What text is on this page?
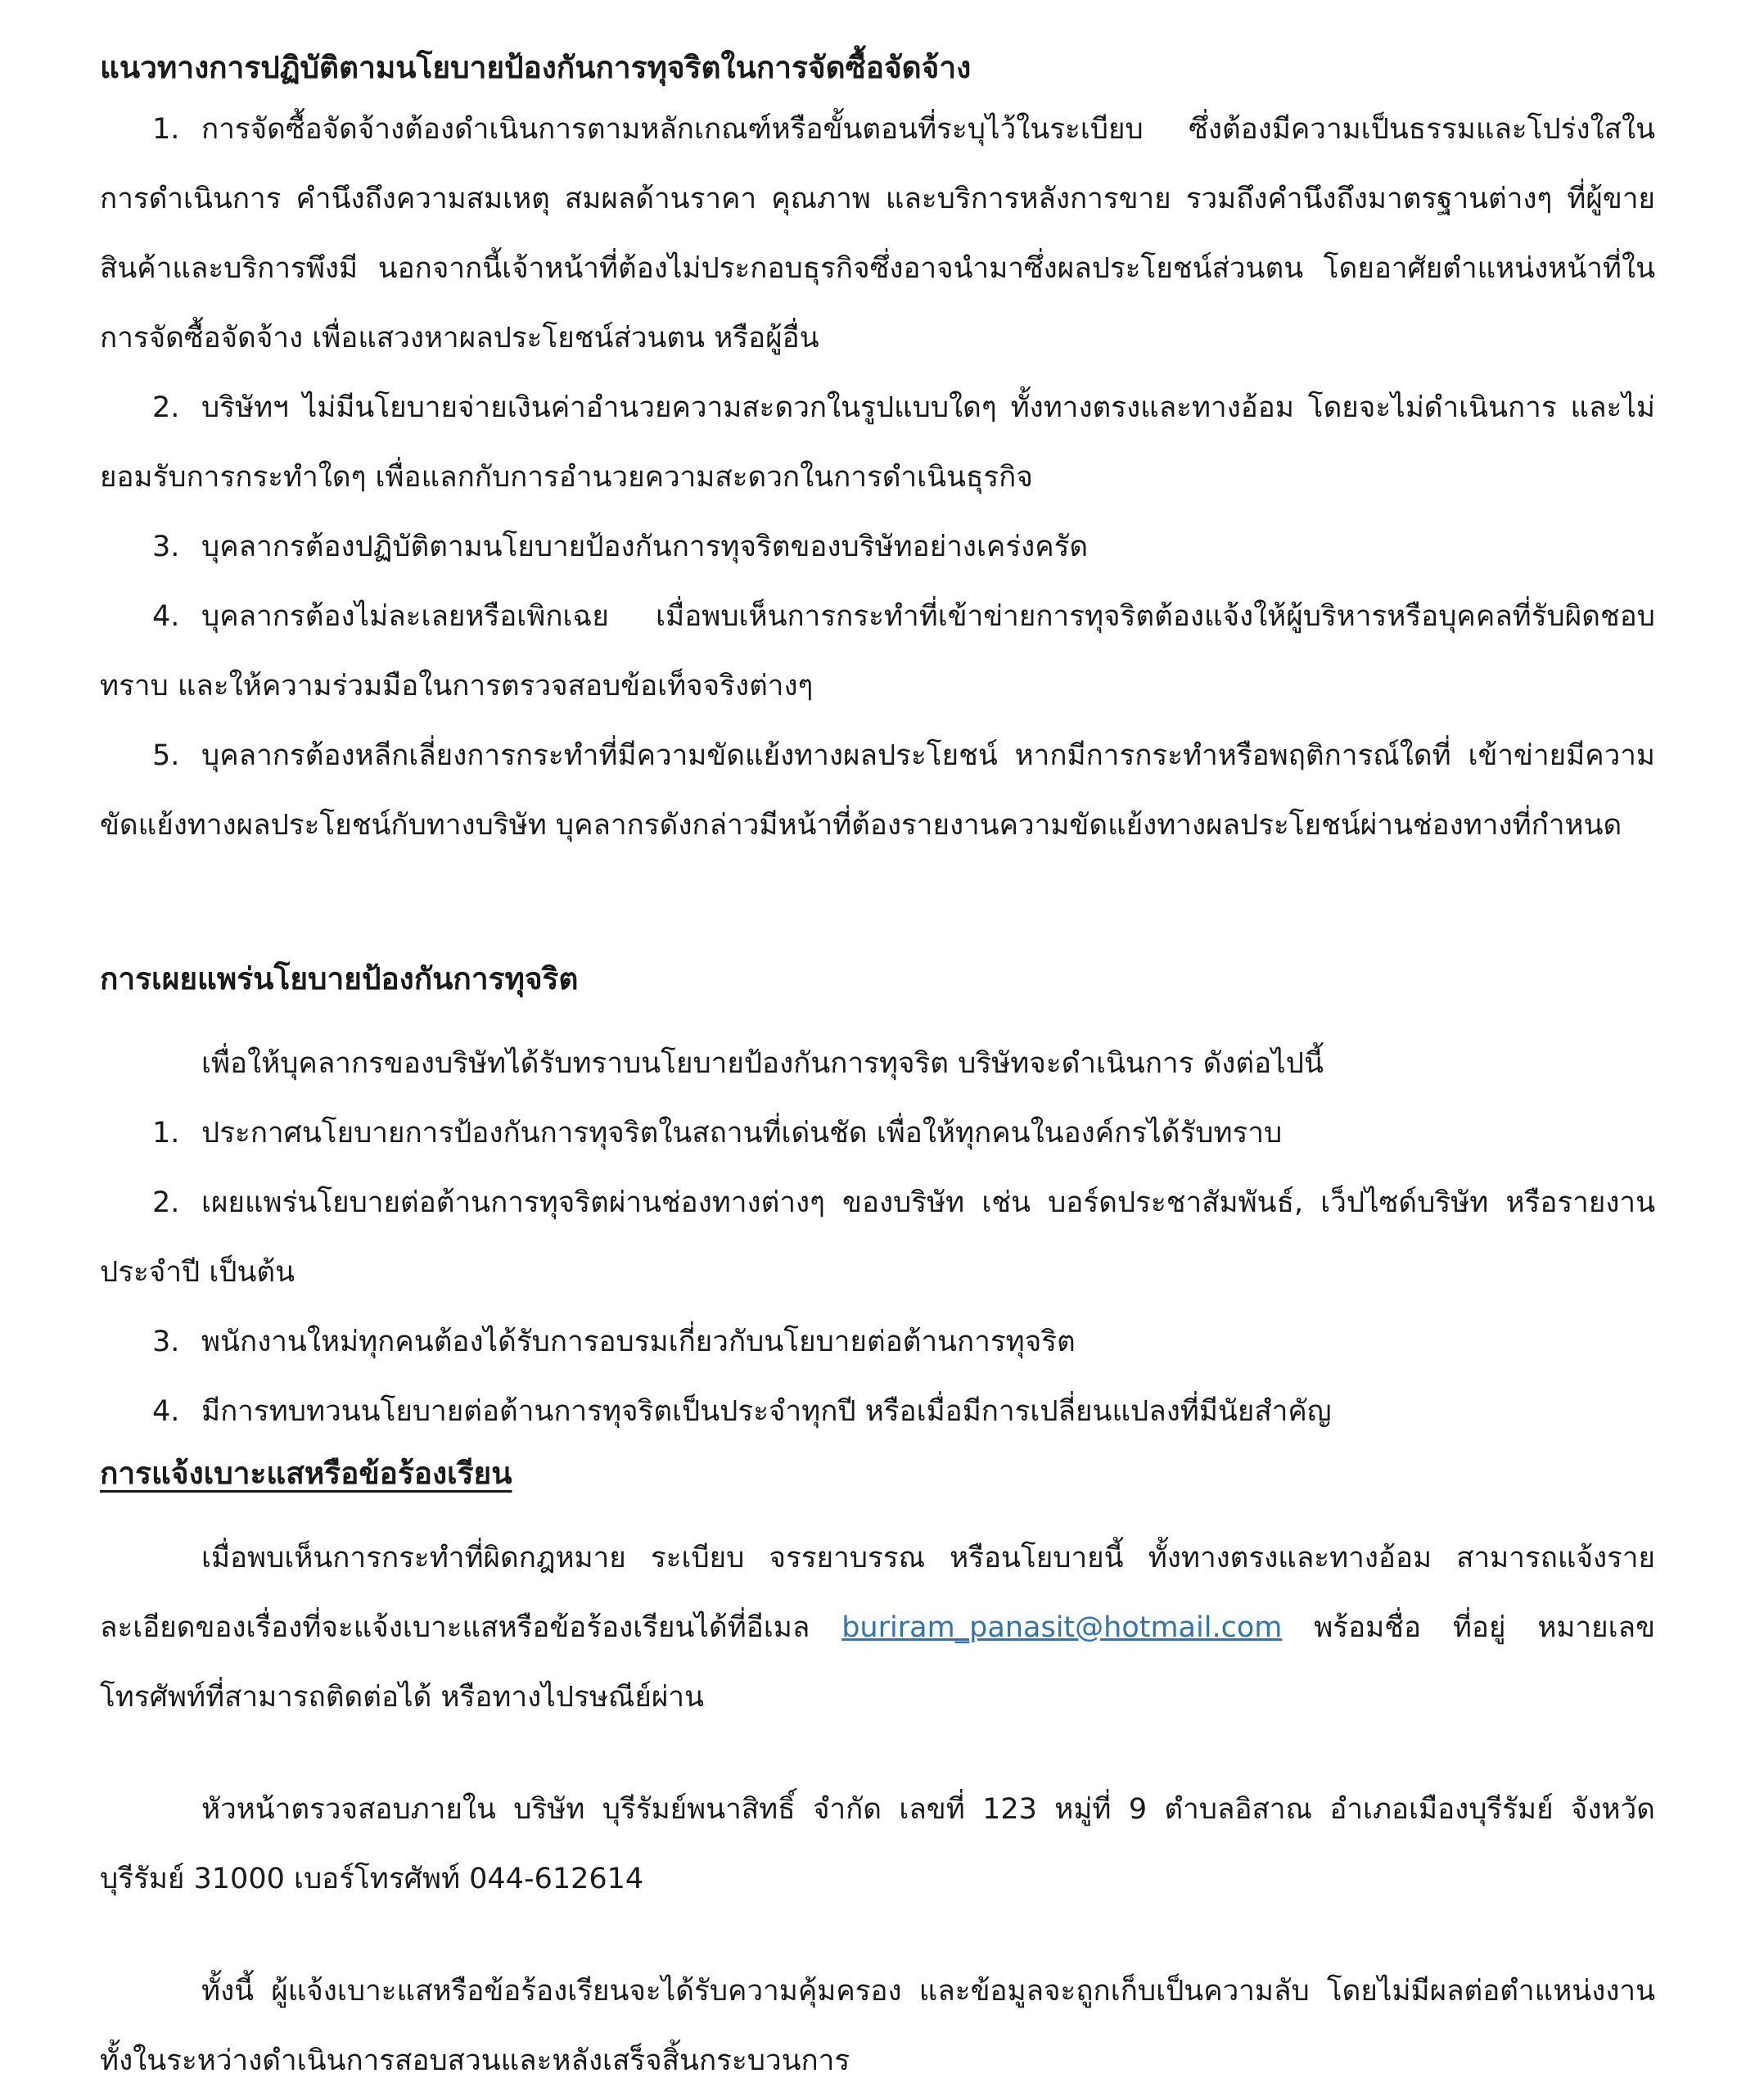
แนวทางการปฏิบัติตามนโยบายป้องกันการทุจริตในการจัดซื้อจัดจ้าง

1. การจัดซื้อจัดจ้างต้องดำเนินการตามหลักเกณฑ์หรือขั้นตอนที่ระบุไว้ในระเบียบ ซึ่งต้องมีความเป็นธรรมและโปร่งใสในการดำเนินการ คำนึงถึงความสมเหตุ สมผลด้านราคา คุณภาพ และบริการหลังการขาย รวมถึงคำนึงถึงมาตรฐานต่างๆ ที่ผู้ขายสินค้าและบริการพึงมี นอกจากนี้เจ้าหน้าที่ต้องไม่ประกอบธุรกิจซึ่งอาจนำมาซึ่งผลประโยชน์ส่วนตน โดยอาศัยตำแหน่งหน้าที่ในการจัดซื้อจัดจ้าง เพื่อแสวงหาผลประโยชน์ส่วนตน หรือผู้อื่น

2. บริษัทฯ ไม่มีนโยบายจ่ายเงินค่าอำนวยความสะดวกในรูปแบบใดๆ ทั้งทางตรงและทางอ้อม โดยจะไม่ดำเนินการ และไม่ยอมรับการกระทำใดๆ เพื่อแลกกับการอำนวยความสะดวกในการดำเนินธุรกิจ

3. บุคลากรต้องปฏิบัติตามนโยบายป้องกันการทุจริตของบริษัทอย่างเคร่งครัด

4. บุคลากรต้องไม่ละเลยหรือเพิกเฉย เมื่อพบเห็นการกระทำที่เข้าข่ายการทุจริตต้องแจ้งให้ผู้บริหารหรือบุคคลที่รับผิดชอบทราบ และให้ความร่วมมือในการตรวจสอบข้อเท็จจริงต่างๆ

5. บุคลากรต้องหลีกเลี่ยงการกระทำที่มีความขัดแย้งทางผลประโยชน์ หากมีการกระทำหรือพฤติการณ์ใดที่ เข้าข่ายมีความขัดแย้งทางผลประโยชน์กับทางบริษัท บุคลากรดังกล่าวมีหน้าที่ต้องรายงานความขัดแย้งทางผลประโยชน์ผ่านช่องทางที่กำหนด

การเผยแพร่นโยบายป้องกันการทุจริต

เพื่อให้บุคลากรของบริษัทได้รับทราบนโยบายป้องกันการทุจริต บริษัทจะดำเนินการ ดังต่อไปนี้

1. ประกาศนโยบายการป้องกันการทุจริตในสถานที่เด่นชัด เพื่อให้ทุกคนในองค์กรได้รับทราบ

2. เผยแพร่นโยบายต่อต้านการทุจริตผ่านช่องทางต่างๆ ของบริษัท เช่น บอร์ดประชาสัมพันธ์, เว็ปไซด์บริษัท หรือรายงานประจำปี เป็นต้น

3. พนักงานใหม่ทุกคนต้องได้รับการอบรมเกี่ยวกับนโยบายต่อต้านการทุจริต

4. มีการทบทวนนโยบายต่อต้านการทุจริตเป็นประจำทุกปี หรือเมื่อมีการเปลี่ยนแปลงที่มีนัยสำคัญ

การแจ้งเบาะแสหรือข้อร้องเรียน

เมื่อพบเห็นการกระทำที่ผิดกฎหมาย ระเบียบ จรรยาบรรณ หรือนโยบายนี้ ทั้งทางตรงและทางอ้อม สามารถแจ้งรายละเอียดของเรื่องที่จะแจ้งเบาะแสหรือข้อร้องเรียนได้ที่อีเมล buriram_panasit@hotmail.com พร้อมชื่อ ที่อยู่ หมายเลขโทรศัพท์ที่สามารถติดต่อได้ หรือทางไปรษณีย์ผ่าน

หัวหน้าตรวจสอบภายใน บริษัท บุรีรัมย์พนาสิทธิ์ จำกัด เลขที่ 123 หมู่ที่ 9 ตำบลอิสาณ อำเภอเมืองบุรีรัมย์ จังหวัดบุรีรัมย์ 31000 เบอร์โทรศัพท์ 044-612614

ทั้งนี้ ผู้แจ้งเบาะแสหรือข้อร้องเรียนจะได้รับความคุ้มครอง และข้อมูลจะถูกเก็บเป็นความลับ โดยไม่มีผลต่อตำแหน่งงานทั้งในระหว่างดำเนินการสอบสวนและหลังเสร็จสิ้นกระบวนการ
